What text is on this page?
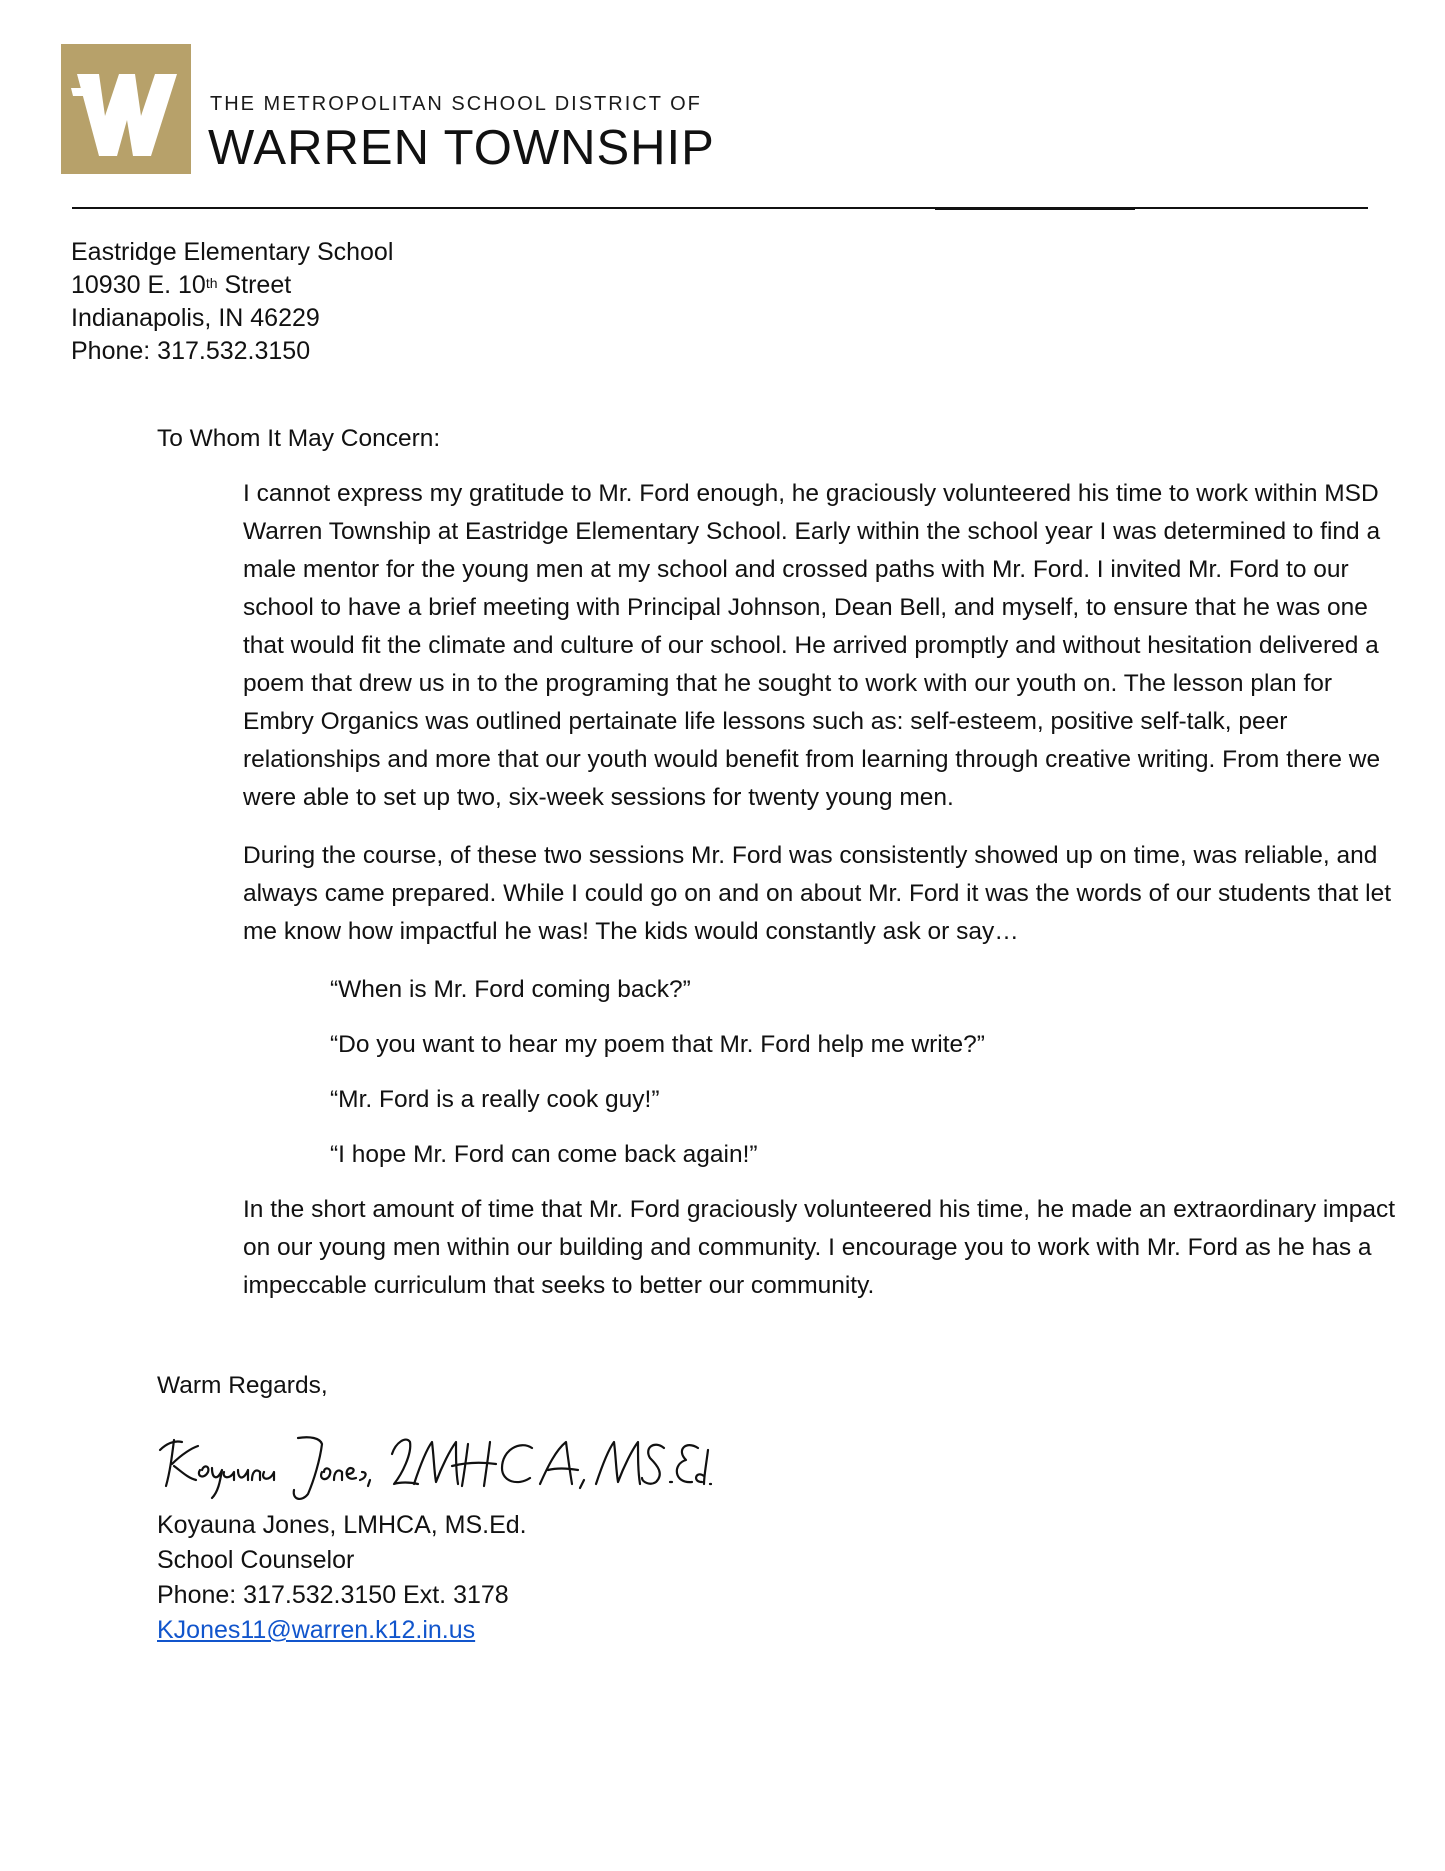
THE METROPOLITAN SCHOOL DISTRICT OF
WARREN TOWNSHIP
Eastridge Elementary School
10930 E. 10th Street
Indianapolis, IN 46229
Phone: 317.532.3150
To Whom It May Concern:
I cannot express my gratitude to Mr. Ford enough, he graciously volunteered his time to work within MSD
Warren Township at Eastridge Elementary School. Early within the school year I was determined to find a
male mentor for the young men at my school and crossed paths with Mr. Ford. I invited Mr. Ford to our
school to have a brief meeting with Principal Johnson, Dean Bell, and myself, to ensure that he was one
that would fit the climate and culture of our school. He arrived promptly and without hesitation delivered a
poem that drew us in to the programing that he sought to work with our youth on. The lesson plan for
Embry Organics was outlined pertainate life lessons such as: self-esteem, positive self-talk, peer
relationships and more that our youth would benefit from learning through creative writing. From there we
were able to set up two, six-week sessions for twenty young men.
During the course, of these two sessions Mr. Ford was consistently showed up on time, was reliable, and
always came prepared. While I could go on and on about Mr. Ford it was the words of our students that let
me know how impactful he was! The kids would constantly ask or say…
“When is Mr. Ford coming back?”
“Do you want to hear my poem that Mr. Ford help me write?”
“Mr. Ford is a really cook guy!”
“I hope Mr. Ford can come back again!”
In the short amount of time that Mr. Ford graciously volunteered his time, he made an extraordinary impact
on our young men within our building and community. I encourage you to work with Mr. Ford as he has a
impeccable curriculum that seeks to better our community.
Warm Regards,
Koyauna Jones, LMHCA, MS.Ed.
School Counselor
Phone: 317.532.3150 Ext. 3178
KJones11@warren.k12.in.us
